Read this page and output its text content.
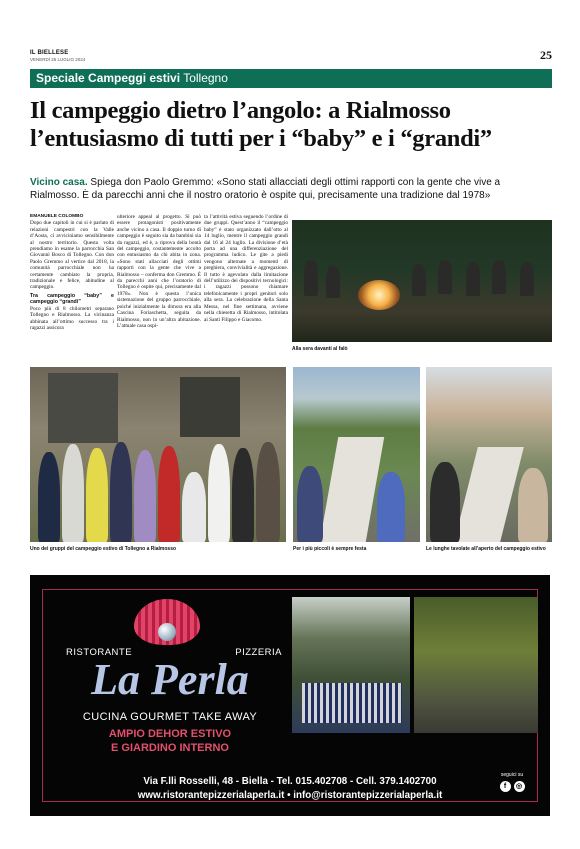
IL BIELLESE
VENERDÌ 26 LUGLIO 2024	25
Speciale Campeggi estivi Tollegno
Il campeggio dietro l’angolo: a Rialmosso
l’entusiasmo di tutti per i “baby” e i “grandi”

Vicino casa. Spiega don Paolo Gremmo: «Sono stati allacciati degli ottimi rapporti con la gente che vive a Rialmosso. È da parecchi anni che il nostro oratorio è ospite qui, precisamente una tradizione dal 1978»

EMANUELE COLOMBO

Dopo due capitoli in cui si è parlato di relazioni campestri con la Valle d’Aosta, ci avviciniamo sensibilmente al nostro territorio. Questa volta prendiamo in esame la parrocchia San Giovanni Bosco di Tollegno. Con don Paolo Gremmo al vertice dal 2018, la comunità parrocchiale non ha certamente cambiato la propria, tradizionale e felice, abitudine al campeggio.

Tra campeggio “baby” e campeggio “grandi”

Poco più di 8 chilometri separano Tollegno e Rialmosso. La vicinanza abbinata all’ottimo successo tra i ragazzi assicura

ulteriore appeal al progetto. Si può essere protagonisti positivamente anche vicino a casa. Il doppio turno di campeggio è seguito sia da bambini sia da ragazzi, ed è, a riprova della bontà del campeggio, costantemente accolto con entusiasmo da chi abita in zona. «Sono stati allacciati degli ottimi rapporti con la gente che vive a Rialmosso – conferma don Gremmo. È da parecchi anni che l’oratorio di Tollegno è ospite qui, precisamente dal 1978». Non è questa l’unica sistemazione del gruppo parrocchiale, poiché inizialmente la dimora era alla Cascina Foriaschetta, seguita da Rialmosso, non in un’altra abitazione. L’attuale casa ospi-

ta l’attività estiva seguendo l’ordine di due gruppi. Quest’anno il “campeggio baby” è stato organizzato dall’otto al 14 luglio, mentre il campeggio grandi dal 16 al 24 luglio. La divisione d’età porta ad una differenziazione del programma ludico. Le gite a piedi vengono alternate a momenti di preghiera, convivialità e aggregazione. Il tutto è agevolato dalla limitazione dell’utilizzo dei dispositivi tecnologici: i ragazzi possono chiamare telefonicamente i propri genitori solo alla sera. La celebrazione della Santa Messa, nel fine settimana, avviene nella chiesetta di Rialmosso, intitolata ai Santi Filippo e Giacomo.

Alla sera davanti al falò
Uno dei gruppi del campeggio estivo di Tollegno a Rialmosso	Per i più piccoli è sempre festa	Le lunghe tavolate all’aperto del campeggio estivo
RISTORANTE	PIZZERIA
La Perla
CUCINA GOURMET TAKE AWAY
AMPIO DEHOR ESTIVO
E GIARDINO INTERNO
Via F.lli Rosselli, 48 - Biella - Tel. 015.402708 - Cell. 379.1402700
www.ristorantepizzerialaperla.it • info@ristorantepizzerialaperla.it
seguici su
f	◎
